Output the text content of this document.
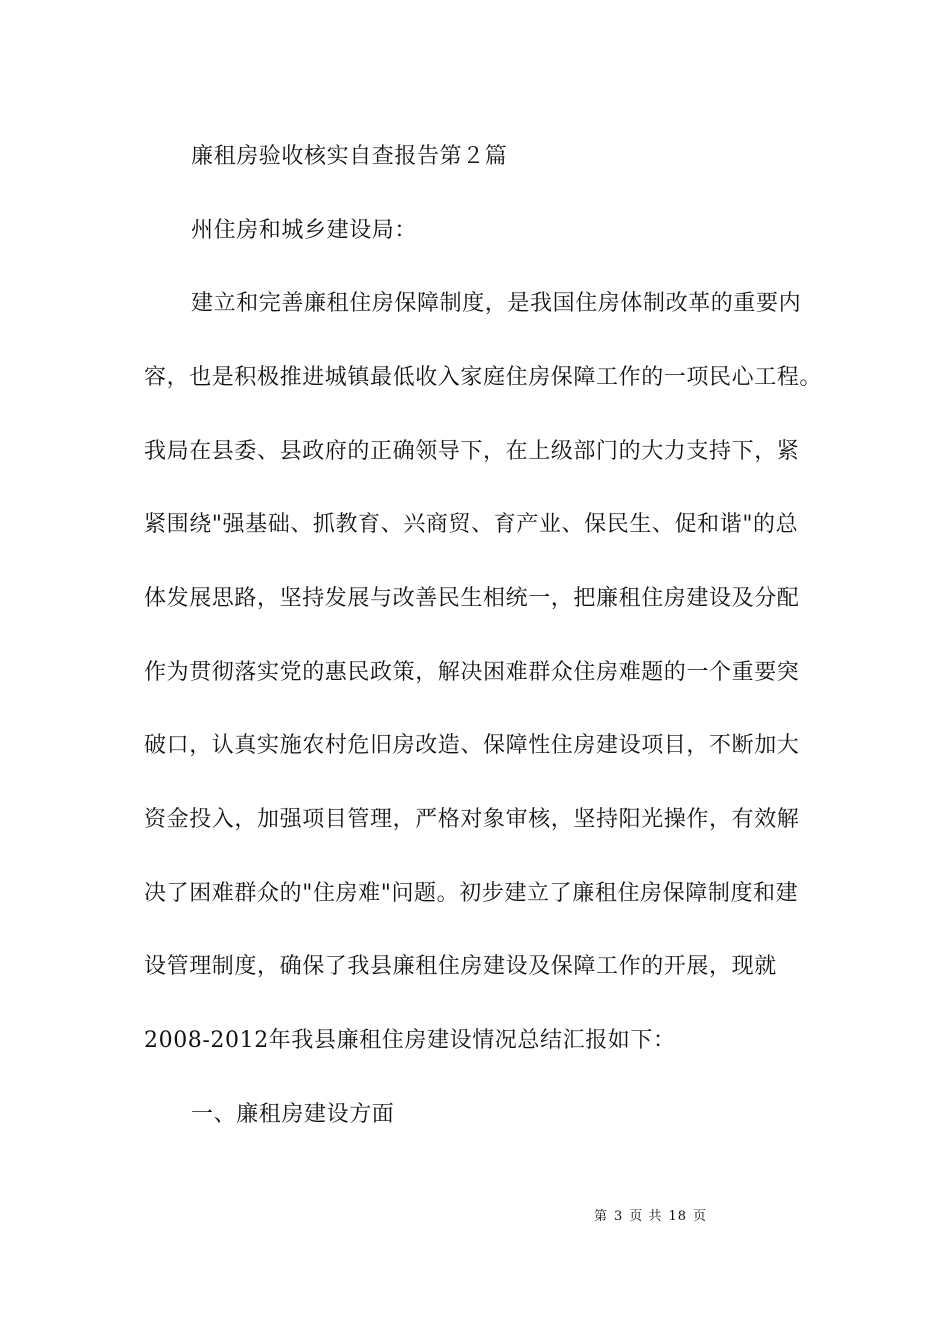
廉租房验收核实自查报告第２篇
州住房和城乡建设局：
建立和完善廉租住房保障制度，是我国住房体制改革的重要内
容，也是积极推进城镇最低收入家庭住房保障工作的一项民心工程。
我局在县委、县政府的正确领导下，在上级部门的大力支持下，紧
紧围绕"强基础、抓教育、兴商贸、育产业、保民生、促和谐"的总
体发展思路，坚持发展与改善民生相统一，把廉租住房建设及分配
作为贯彻落实党的惠民政策，解决困难群众住房难题的一个重要突
破口，认真实施农村危旧房改造、保障性住房建设项目，不断加大
资金投入，加强项目管理，严格对象审核，坚持阳光操作，有效解
决了困难群众的"住房难"问题。初步建立了廉租住房保障制度和建
设管理制度，确保了我县廉租住房建设及保障工作的开展，现就
2008-2012年我县廉租住房建设情况总结汇报如下：
一、廉租房建设方面
第 3 页 共 18 页
